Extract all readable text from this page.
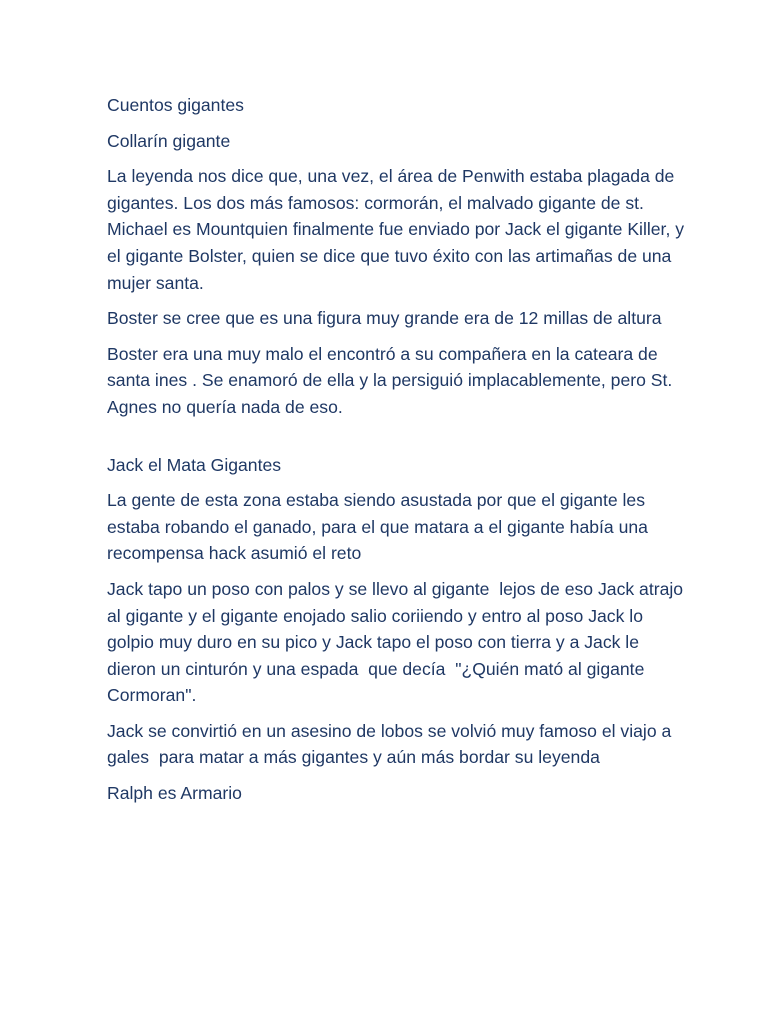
Cuentos gigantes

Collarín gigante

La leyenda nos dice que, una vez, el área de Penwith estaba plagada de gigantes. Los dos más famosos: cormorán, el malvado gigante de st. Michael es Mountquien finalmente fue enviado por Jack el gigante Killer, y el gigante Bolster, quien se dice que tuvo éxito con las artimañas de una mujer santa.

Boster se cree que es una figura muy grande era de 12 millas de altura

Boster era una muy malo el encontró a su compañera en la cateara de santa ines . Se enamoró de ella y la persiguió implacablemente, pero St. Agnes no quería nada de eso.

Jack el Mata Gigantes

La gente de esta zona estaba siendo asustada por que el gigante les estaba robando el ganado, para el que matara a el gigante había una recompensa hack asumió el reto

Jack tapo un poso con palos y se llevo al gigante  lejos de eso Jack atrajo al gigante y el gigante enojado salio coriiendo y entro al poso Jack lo  golpio muy duro en su pico y Jack tapo el poso con tierra y a Jack le dieron un cinturón y una espada  que decía  "¿Quién mató al gigante Cormoran".

Jack se convirtió en un asesino de lobos se volvió muy famoso el viajo a gales  para matar a más gigantes y aún más bordar su leyenda

Ralph es Armario
